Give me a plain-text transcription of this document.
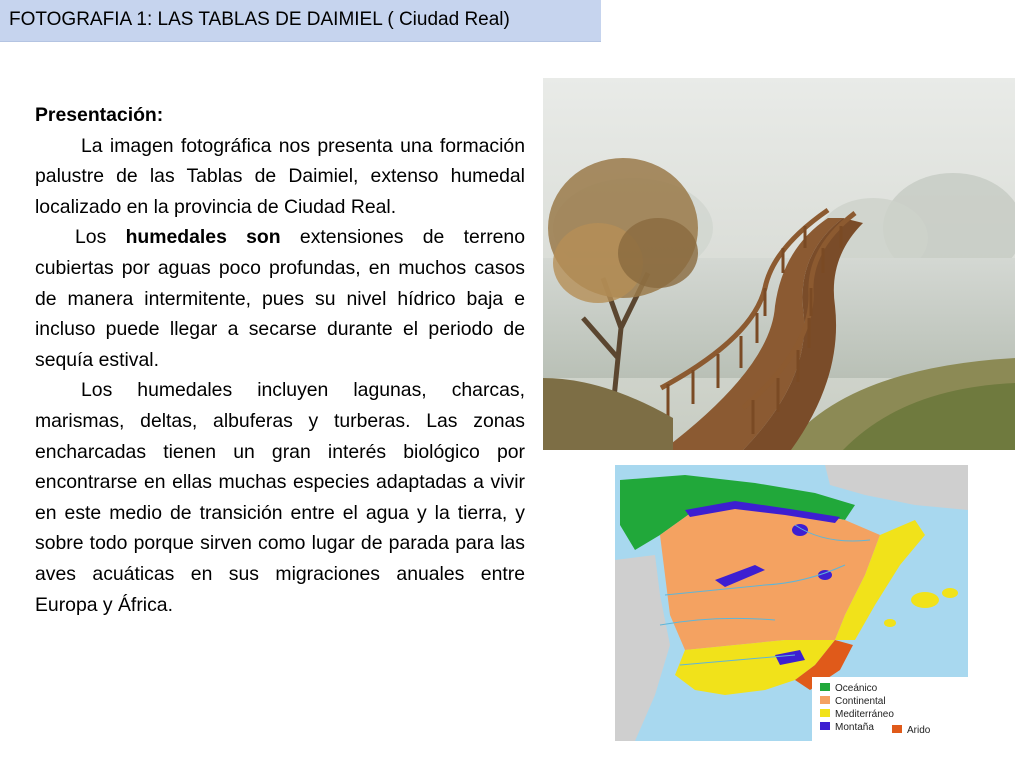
FOTOGRAFIA 1: LAS TABLAS DE DAIMIEL ( Ciudad Real)

Presentación:

La imagen fotográfica nos presenta una formación palustre de las Tablas de Daimiel, extenso humedal localizado en la provincia de Ciudad Real.

Los humedales son extensiones de terreno cubiertas por aguas poco profundas, en muchos casos de manera intermitente, pues su nivel hídrico baja e incluso puede llegar a secarse durante el periodo de sequía estival.

Los humedales incluyen lagunas, charcas, marismas, deltas, albuferas y turberas. Las zonas encharcadas tienen un gran interés biológico por encontrarse en ellas muchas especies adaptadas a vivir en este medio de transición entre el agua y la tierra, y sobre todo porque sirven como lugar de parada para las aves acuáticas en sus migraciones anuales entre Europa y África.

Oceánico
Continental
Mediterráneo
Montaña	Arido
